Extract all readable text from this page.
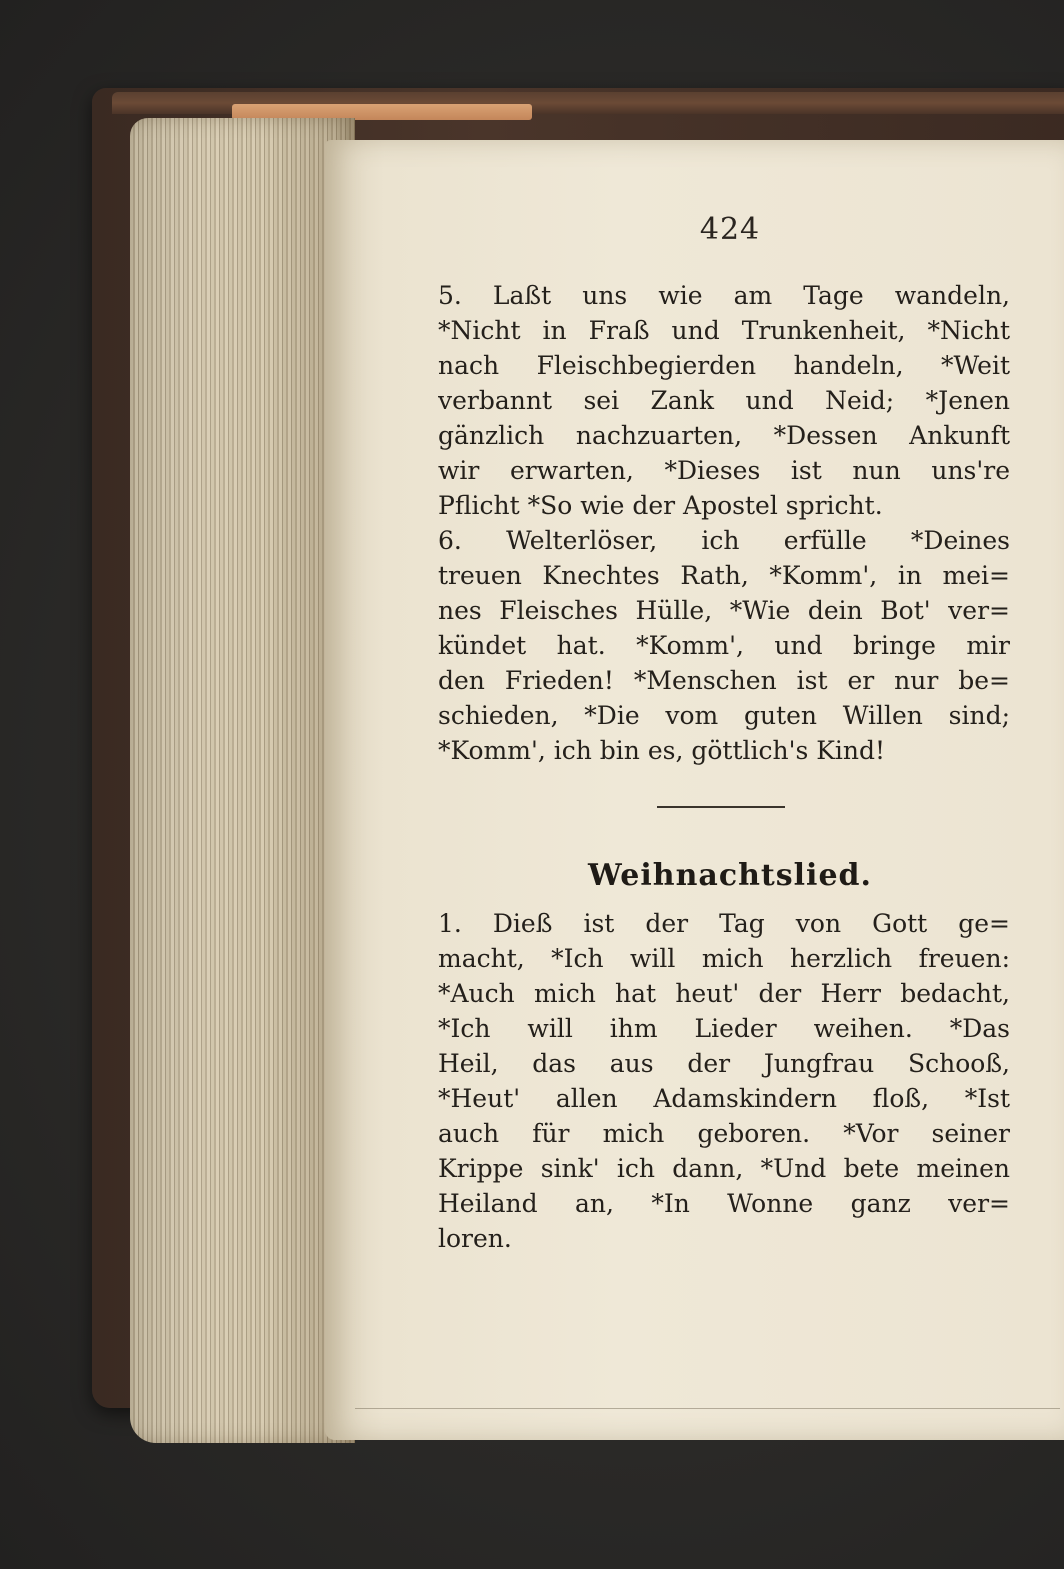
424
5. Laßt uns wie am Tage wandeln,
*Nicht in Fraß und Trunkenheit, *Nicht
nach Fleischbegierden handeln, *Weit
verbannt sei Zank und Neid; *Jenen
gänzlich nachzuarten, *Dessen Ankunft
wir erwarten, *Dieses ist nun uns're
Pflicht *So wie der Apostel spricht.
6. Welterlöser, ich erfülle *Deines
treuen Knechtes Rath, *Komm', in mei=
nes Fleisches Hülle, *Wie dein Bot' ver=
kündet hat. *Komm', und bringe mir
den Frieden! *Menschen ist er nur be=
schieden, *Die vom guten Willen sind;
*Komm', ich bin es, göttlich's Kind!
Weihnachtslied.
1. Dieß ist der Tag von Gott ge=
macht, *Ich will mich herzlich freuen:
*Auch mich hat heut' der Herr bedacht,
*Ich will ihm Lieder weihen. *Das
Heil, das aus der Jungfrau Schooß,
*Heut' allen Adamskindern floß, *Ist
auch für mich geboren. *Vor seiner
Krippe sink' ich dann, *Und bete meinen
Heiland an, *In Wonne ganz ver=
loren.
